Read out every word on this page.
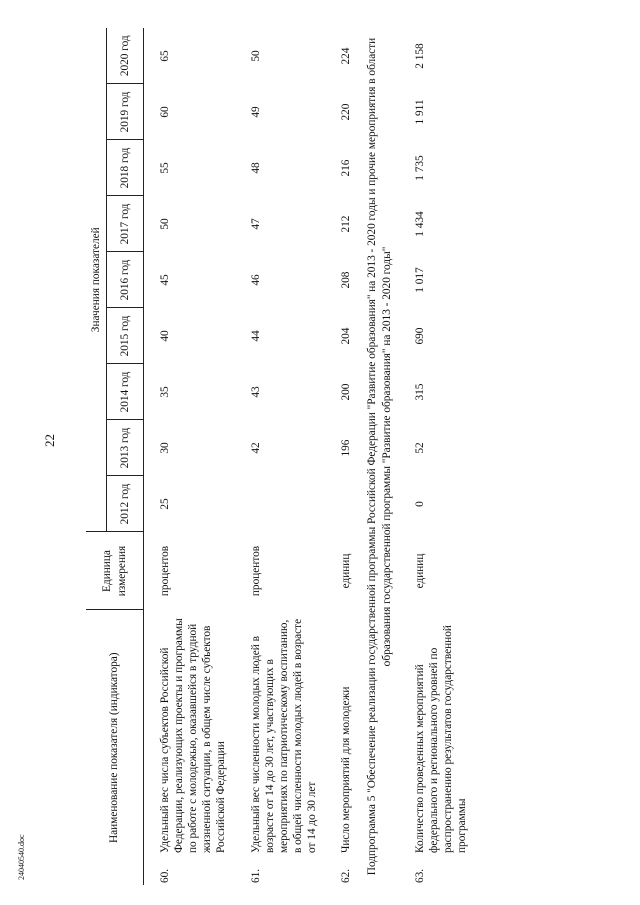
22
24040540.doc
Наименование показателя (индикатора)		Единица измерения	Значения показателей								
			2012 год	2013 год	2014 год	2015 год	2016 год	2017 год	2018 год	2019 год	2020 год
60.	Удельный вес числа субъектов Российской Федерации, реализующих проекты и программы по работе с молодежью, оказавшейся в трудной жизненной ситуации, в общем числе субъектов Российской Федерации	процентов	25	30	35	40	45	50	55	60	65
61.	Удельный вес численности молодых людей в возрасте от 14 до 30 лет, участвующих в мероприятиях по патриотическому воспитанию, в общей численности молодых людей в возрасте от 14 до 30 лет	процентов		42	43	44	46	47	48	49	50
62.	Число мероприятий для молодежи	единиц		196	200	204	208	212	216	220	224
Подпрограмма 5 "Обеспечение реализации государственной программы Российской Федерации "Развитие образования" на 2013 - 2020 годы и прочие мероприятия в области образования государственной программы "Развитие образования" на 2013 - 2020 годы"											
63.	Количество проведенных мероприятий федерального и регионального уровней по распространению результатов государственной программы	единиц	0	52	315	690	1 017	1 434	1 735	1 911	2 158
